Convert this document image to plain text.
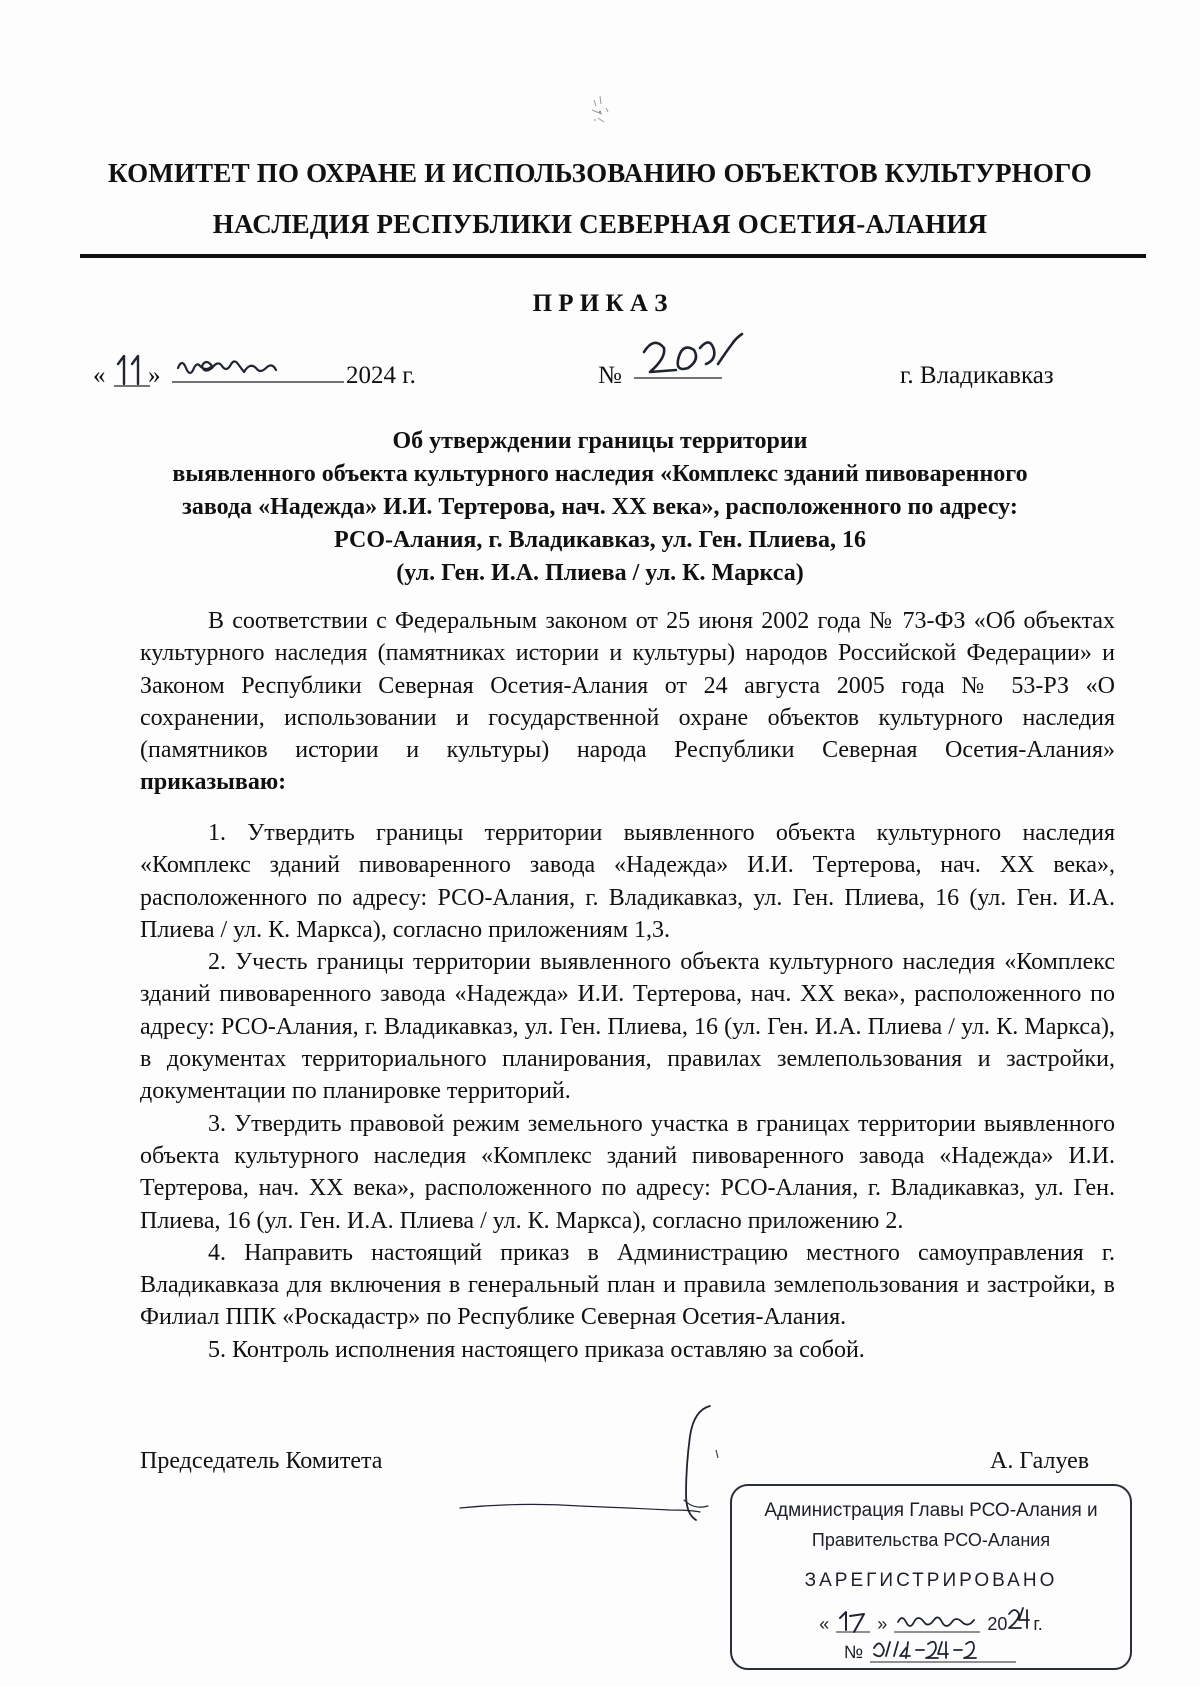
КОМИТЕТ ПО ОХРАНЕ И ИСПОЛЬЗОВАНИЮ ОБЪЕКТОВ КУЛЬТУРНОГО
НАСЛЕДИЯ РЕСПУБЛИКИ СЕВЕРНАЯ ОСЕТИЯ-АЛАНИЯ
П Р И К А З
« »	2024 г.	№	г. Владикавказ
Об утверждении границы территории
выявленного объекта культурного наследия «Комплекс зданий пивоваренного
завода «Надежда» И.И. Тертерова, нач. XX века», расположенного по адресу:
РСО-Алания, г. Владикавказ, ул. Ген. Плиева, 16
(ул. Ген. И.А. Плиева / ул. К. Маркса)

В соответствии с Федеральным законом от 25 июня 2002 года № 73-ФЗ «Об объектах культурного наследия (памятниках истории и культуры) народов Российской Федерации» и Законом Республики Северная Осетия-Алания от 24 августа 2005 года № 53-РЗ «О сохранении, использовании и государственной охране объектов культурного наследия (памятников истории и культуры) народа Республики Северная Осетия-Алания» приказываю:

1. Утвердить границы территории выявленного объекта культурного наследия «Комплекс зданий пивоваренного завода «Надежда» И.И. Тертерова, нач. XX века», расположенного по адресу: РСО-Алания, г. Владикавказ, ул. Ген. Плиева, 16 (ул. Ген. И.А. Плиева / ул. К. Маркса), согласно приложениям 1,3.

2. Учесть границы территории выявленного объекта культурного наследия «Комплекс зданий пивоваренного завода «Надежда» И.И. Тертерова, нач. XX века», расположенного по адресу: РСО-Алания, г. Владикавказ, ул. Ген. Плиева, 16 (ул. Ген. И.А. Плиева / ул. К. Маркса), в документах территориального планирования, правилах землепользования и застройки, документации по планировке территорий.

3. Утвердить правовой режим земельного участка в границах территории выявленного объекта культурного наследия «Комплекс зданий пивоваренного завода «Надежда» И.И. Тертерова, нач. XX века», расположенного по адресу: РСО-Алания, г. Владикавказ, ул. Ген. Плиева, 16 (ул. Ген. И.А. Плиева / ул. К. Маркса), согласно приложению 2.

4. Направить настоящий приказ в Администрацию местного самоуправления г. Владикавказа для включения в генеральный план и правила землепользования и застройки, в Филиал ППК «Роскадастр» по Республике Северная Осетия-Алания.

5. Контроль исполнения настоящего приказа оставляю за собой.

Председатель Комитета	А. Галуев
Администрация Главы РСО-Алания и
Правительства РСО-Алания
ЗАРЕГИСТРИРОВАНО
«	»	20 г.
№
